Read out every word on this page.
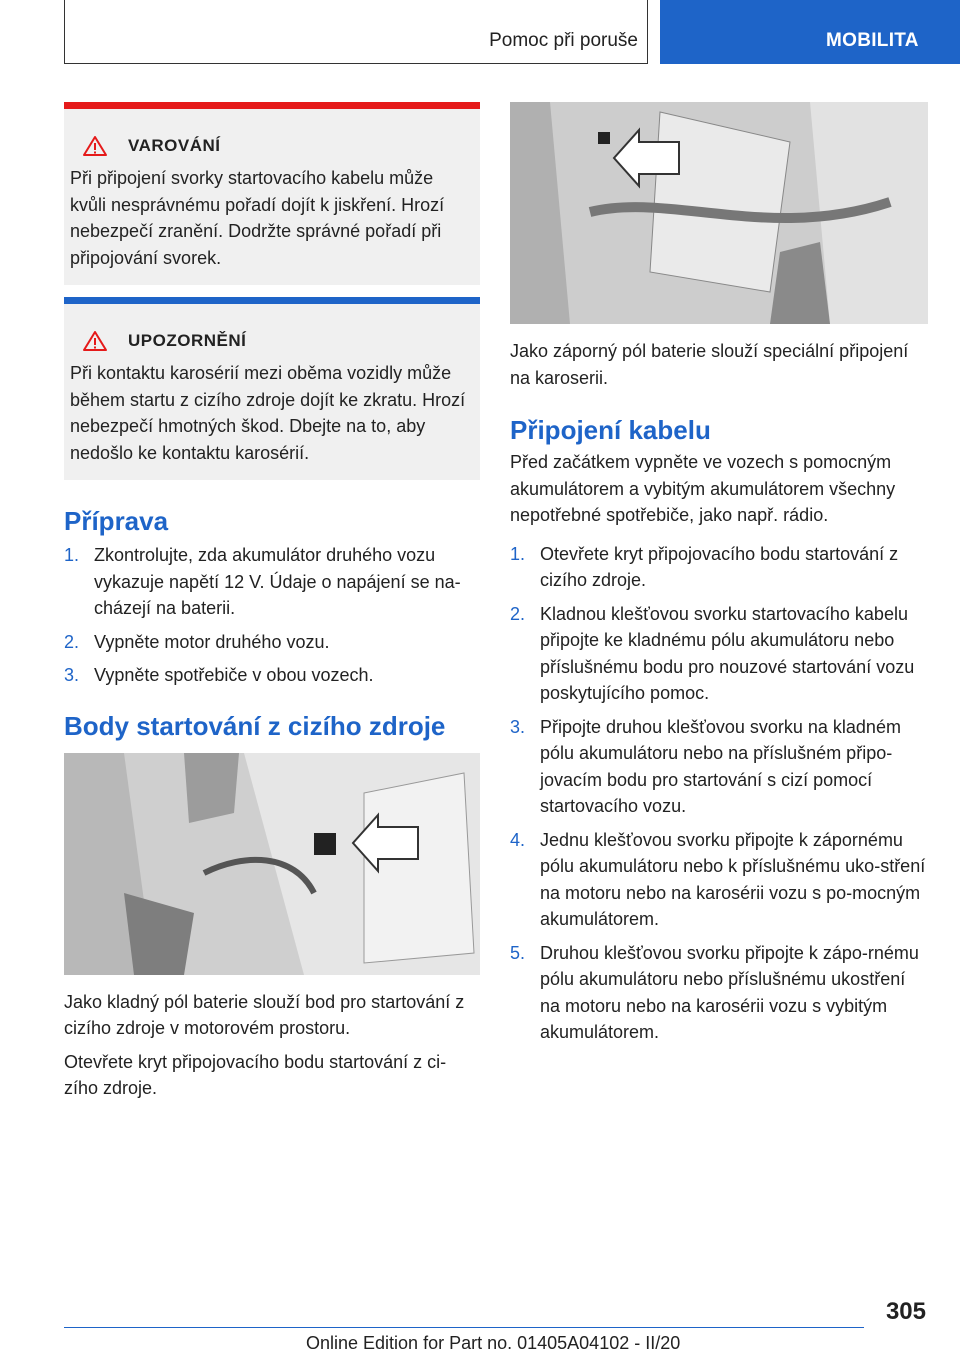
Pomoc při poruše	MOBILITA
VAROVÁNÍ
Při připojení svorky startovacího kabelu může kvůli nesprávnému pořadí dojít k jiskření. Hrozí nebezpečí zranění. Dodržte správné pořadí při připojování svorek.
UPOZORNĚNÍ
Při kontaktu karosérií mezi oběma vozidly může během startu z cizího zdroje dojít ke zkratu. Hrozí nebezpečí hmotných škod. Dbejte na to, aby nedošlo ke kontaktu karosérií.
Příprava
1. Zkontrolujte, zda akumulátor druhého vozu vykazuje napětí 12 V. Údaje o napájení se na-cházejí na baterii.
2. Vypněte motor druhého vozu.
3. Vypněte spotřebiče v obou vozech.
Body startování z cizího zdroje

Jako kladný pól baterie slouží bod pro startování z cizího zdroje v motorovém prostoru.

Otevřete kryt připojovacího bodu startování z ci-zího zdroje.

Jako záporný pól baterie slouží speciální připojení na karoserii.

Připojení kabelu

Před začátkem vypněte ve vozech s pomocným akumulátorem a vybitým akumulátorem všechny nepotřebné spotřebiče, jako např. rádio.

1. Otevřete kryt připojovacího bodu startování z cizího zdroje.
2. Kladnou klešťovou svorku startovacího kabelu připojte ke kladnému pólu akumulátoru nebo příslušnému bodu pro nouzové startování vozu poskytujícího pomoc.
3. Připojte druhou klešťovou svorku na kladném pólu akumulátoru nebo na příslušném připo-jovacím bodu pro startování s cizí pomocí startovacího vozu.
4. Jednu klešťovou svorku připojte k zápornému pólu akumulátoru nebo k příslušnému uko-stření na motoru nebo na karosérii vozu s po-mocným akumulátorem.
5. Druhou klešťovou svorku připojte k zápo-rnému pólu akumulátoru nebo příslušnému ukostření na motoru nebo na karosérii vozu s vybitým akumulátorem.
305
Online Edition for Part no. 01405A04102 - II/20
